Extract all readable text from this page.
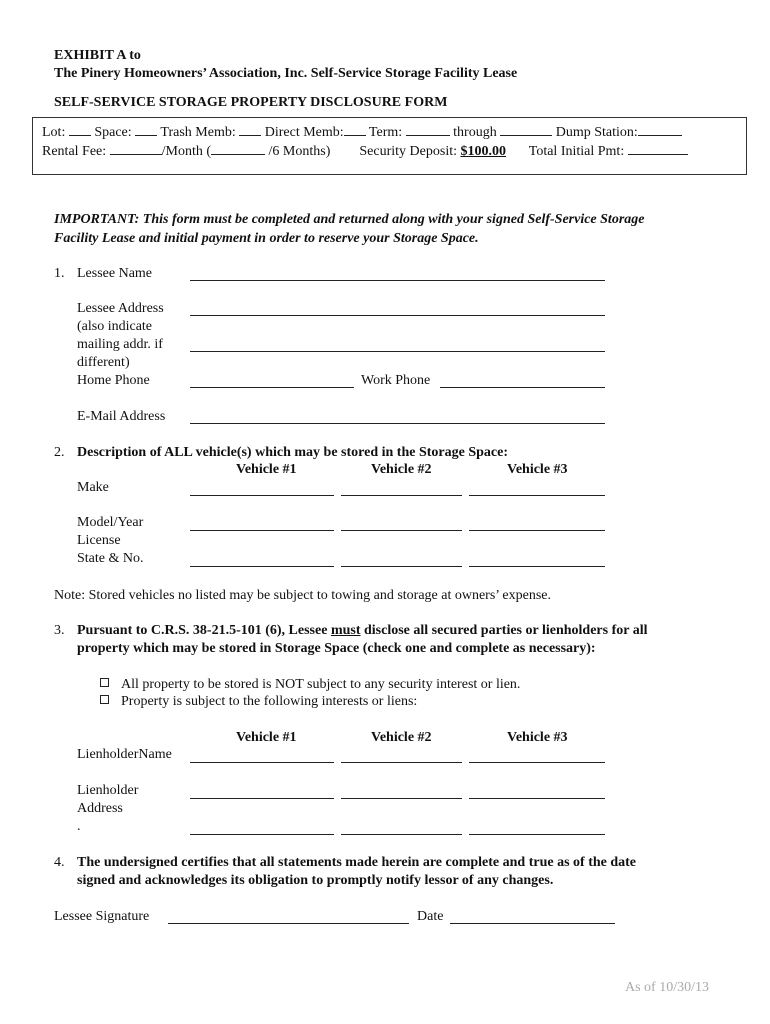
EXHIBIT A to
The Pinery Homeowners’ Association, Inc. Self-Service Storage Facility Lease
SELF-SERVICE STORAGE PROPERTY DISCLOSURE FORM
Lot: Space: Trash Memb: Direct Memb: Term:	through	Dump Station:
Rental Fee:	/Month (	/6 Months) Security Deposit: $100.00 Total Initial Pmt:
IMPORTANT: This form must be completed and returned along with your signed Self-Service Storage
Facility Lease and initial payment in order to reserve your Storage Space.
1. Lessee Name
Lessee Address
(also indicate
mailing addr. if
different)
Home Phone	Work Phone
E-Mail Address
2. Description of ALL vehicle(s) which may be stored in the Storage Space:
Vehicle #1	Vehicle #2	Vehicle #3
Make
Model/Year
License
State & No.
Note: Stored vehicles no listed may be subject to towing and storage at owners’ expense.
3. Pursuant to C.R.S. 38-21.5-101 (6), Lessee must disclose all secured parties or lienholders for all
property which may be stored in Storage Space (check one and complete as necessary):
All property to be stored is NOT subject to any security interest or lien.
Property is subject to the following interests or liens:
Vehicle #1	Vehicle #2	Vehicle #3
LienholderName
Lienholder
Address
.
4. The undersigned certifies that all statements made herein are complete and true as of the date
signed and acknowledges its obligation to promptly notify lessor of any changes.
Lessee Signature	Date
As of 10/30/13
